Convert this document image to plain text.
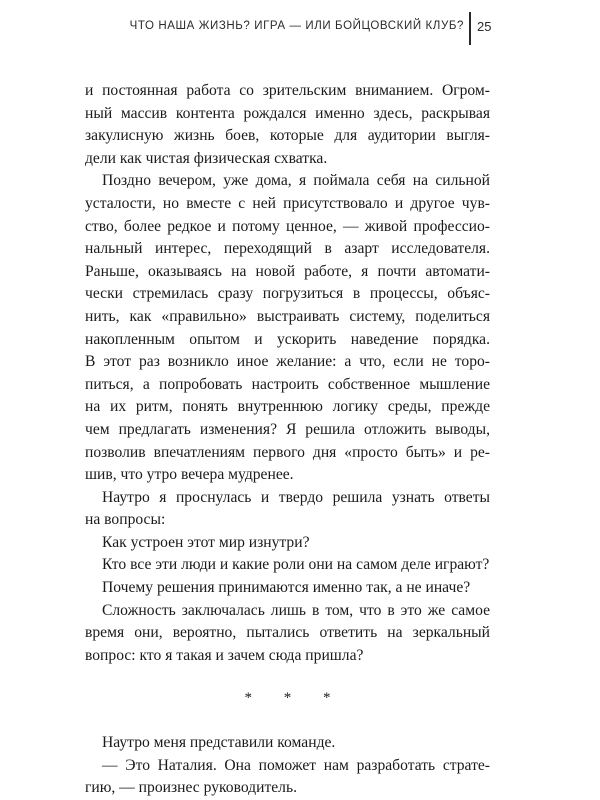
ЧТО НАША ЖИЗНЬ? ИГРА — ИЛИ БОЙЦОВСКИЙ КЛУБ? 25
и постоянная работа со зрительским вниманием. Огром-
ный массив контента рождался именно здесь, раскрывая
закулисную жизнь боев, которые для аудитории выгля-
дели как чистая физическая схватка.
Поздно вечером, уже дома, я поймала себя на сильной
усталости, но вместе с ней присутствовало и другое чув-
ство, более редкое и потому ценное, — живой профессио-
нальный интерес, переходящий в азарт исследователя.
Раньше, оказываясь на новой работе, я почти автомати-
чески стремилась сразу погрузиться в процессы, объяс-
нить, как «правильно» выстраивать систему, поделиться
накопленным опытом и ускорить наведение порядка.
В этот раз возникло иное желание: а что, если не торо-
питься, а попробовать настроить собственное мышление
на их ритм, понять внутреннюю логику среды, прежде
чем предлагать изменения? Я решила отложить выводы,
позволив впечатлениям первого дня «просто быть» и ре-
шив, что утро вечера мудренее.
Наутро я проснулась и твердо решила узнать ответы
на вопросы:
Как устроен этот мир изнутри?
Кто все эти люди и какие роли они на самом деле играют?
Почему решения принимаются именно так, а не иначе?
Сложность заключалась лишь в том, что в это же самое
время они, вероятно, пытались ответить на зеркальный
вопрос: кто я такая и зачем сюда пришла?
* * *
Наутро меня представили команде.
— Это Наталия. Она поможет нам разработать страте-
гию, — произнес руководитель.
